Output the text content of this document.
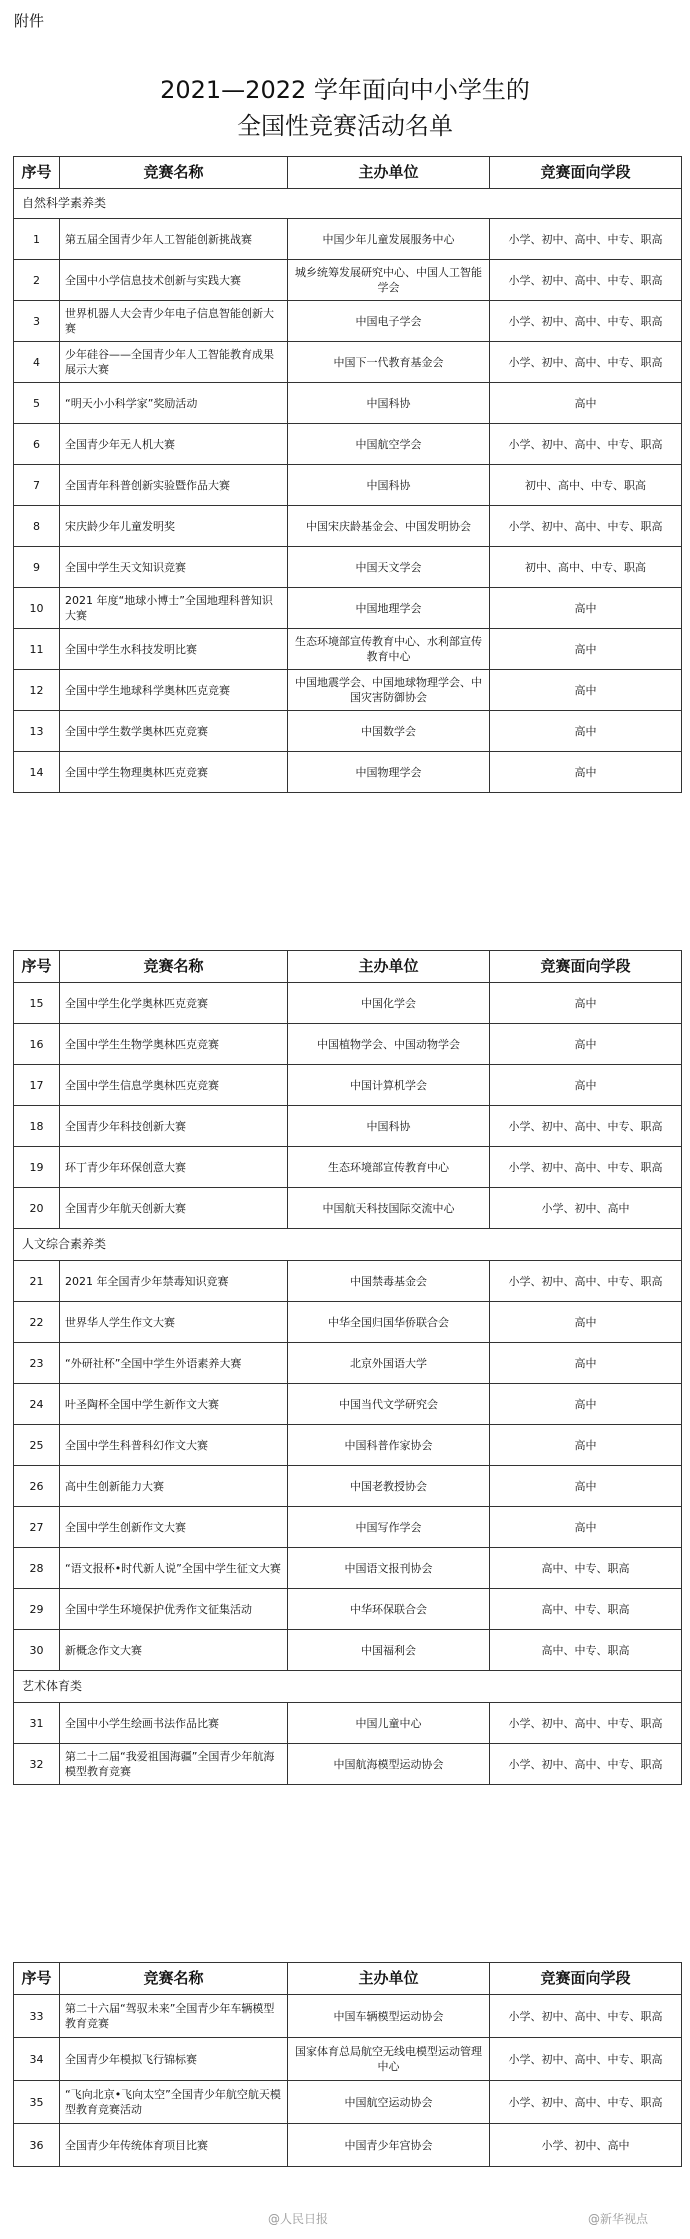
附件
2021—2022 学年面向中小学生的
全国性竞赛活动名单
序号	竞赛名称	主办单位	竞赛面向学段
自然科学素养类			
1	第五届全国青少年人工智能创新挑战赛	中国少年儿童发展服务中心	小学、初中、高中、中专、职高
2	全国中小学信息技术创新与实践大赛	城乡统筹发展研究中心、中国人工智能学会	小学、初中、高中、中专、职高
3	世界机器人大会青少年电子信息智能创新大赛	中国电子学会	小学、初中、高中、中专、职高
4	少年硅谷——全国青少年人工智能教育成果展示大赛	中国下一代教育基金会	小学、初中、高中、中专、职高
5	“明天小小科学家”奖励活动	中国科协	高中
6	全国青少年无人机大赛	中国航空学会	小学、初中、高中、中专、职高
7	全国青年科普创新实验暨作品大赛	中国科协	初中、高中、中专、职高
8	宋庆龄少年儿童发明奖	中国宋庆龄基金会、中国发明协会	小学、初中、高中、中专、职高
9	全国中学生天文知识竞赛	中国天文学会	初中、高中、中专、职高
10	2021 年度“地球小博士”全国地理科普知识大赛	中国地理学会	高中
11	全国中学生水科技发明比赛	生态环境部宣传教育中心、水利部宣传教育中心	高中
12	全国中学生地球科学奥林匹克竞赛	中国地震学会、中国地球物理学会、中国灾害防御协会	高中
13	全国中学生数学奥林匹克竞赛	中国数学会	高中
14	全国中学生物理奥林匹克竞赛	中国物理学会	高中
序号	竞赛名称	主办单位	竞赛面向学段
15	全国中学生化学奥林匹克竞赛	中国化学会	高中
16	全国中学生生物学奥林匹克竞赛	中国植物学会、中国动物学会	高中
17	全国中学生信息学奥林匹克竞赛	中国计算机学会	高中
18	全国青少年科技创新大赛	中国科协	小学、初中、高中、中专、职高
19	环丁青少年环保创意大赛	生态环境部宣传教育中心	小学、初中、高中、中专、职高
20	全国青少年航天创新大赛	中国航天科技国际交流中心	小学、初中、高中
人文综合素养类			
21	2021 年全国青少年禁毒知识竞赛	中国禁毒基金会	小学、初中、高中、中专、职高
22	世界华人学生作文大赛	中华全国归国华侨联合会	高中
23	“外研社杯”全国中学生外语素养大赛	北京外国语大学	高中
24	叶圣陶杯全国中学生新作文大赛	中国当代文学研究会	高中
25	全国中学生科普科幻作文大赛	中国科普作家协会	高中
26	高中生创新能力大赛	中国老教授协会	高中
27	全国中学生创新作文大赛	中国写作学会	高中
28	“语文报杯•时代新人说”全国中学生征文大赛	中国语文报刊协会	高中、中专、职高
29	全国中学生环境保护优秀作文征集活动	中华环保联合会	高中、中专、职高
30	新概念作文大赛	中国福利会	高中、中专、职高
艺术体育类			
31	全国中小学生绘画书法作品比赛	中国儿童中心	小学、初中、高中、中专、职高
32	第二十二届“我爱祖国海疆”全国青少年航海模型教育竞赛	中国航海模型运动协会	小学、初中、高中、中专、职高
序号	竞赛名称	主办单位	竞赛面向学段
33	第二十六届“驾驭未来”全国青少年车辆模型教育竞赛	中国车辆模型运动协会	小学、初中、高中、中专、职高
34	全国青少年模拟飞行锦标赛	国家体育总局航空无线电模型运动管理中心	小学、初中、高中、中专、职高
35	“飞向北京•飞向太空”全国青少年航空航天模型教育竞赛活动	中国航空运动协会	小学、初中、高中、中专、职高
36	全国青少年传统体育项目比赛	中国青少年宫协会	小学、初中、高中
@人民日报	@新华视点
